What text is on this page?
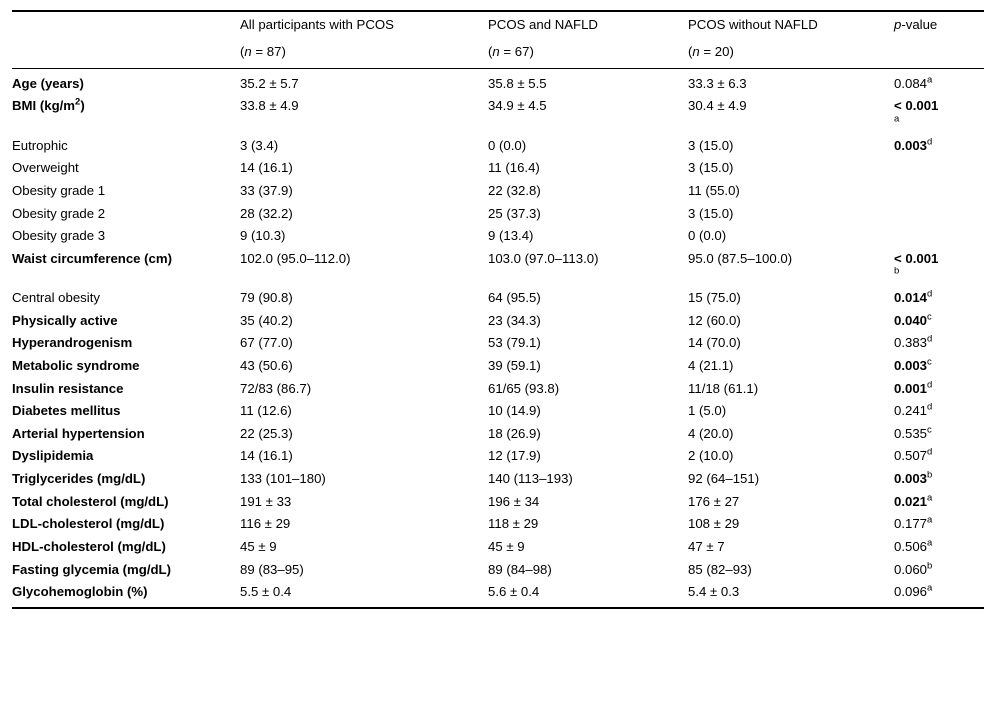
	All participants with PCOS	PCOS and NAFLD	PCOS without NAFLD	p-value
	(n = 87)	(n = 67)	(n = 20)	
Age (years)	35.2 ± 5.7	35.8 ± 5.5	33.3 ± 6.3	0.084$^a$
BMI $(kg/m^2)$	33.8 ± 4.9	34.9 ± 4.5	30.4 ± 4.9	< 0.001
$^a$
Eutrophic	3 (3.4)	0 (0.0)	3 (15.0)	0.003$^d$
Overweight	14 (16.1)	11 (16.4)	3 (15.0)	
Obesity grade 1	33 (37.9)	22 (32.8)	11 (55.0)	
Obesity grade 2	28 (32.2)	25 (37.3)	3 (15.0)	
Obesity grade 3	9 (10.3)	9 (13.4)	0 (0.0)	

Waist circumference (cm)	102.0 (95.0–112.0)	103.0 (97.0–113.0)	95.0 (87.5–100.0)	< 0.001
$^b$
Central obesity	79 (90.8)	64 (95.5)	15 (75.0)	0.014$^d$
Physically active	35 (40.2)	23 (34.3)	12 (60.0)	0.040$^c$
Hyperandrogenism	67 (77.0)	53 (79.1)	14 (70.0)	0.383$^d$
Metabolic syndrome	43 (50.6)	39 (59.1)	4 (21.1)	0.003$^c$
Insulin resistance	72/83 (86.7)	61/65 (93.8)	11/18 (61.1)	0.001$^d$
Diabetes mellitus	11 (12.6)	10 (14.9)	1 (5.0)	0.241$^d$
Arterial hypertension	22 (25.3)	18 (26.9)	4 (20.0)	0.535$^c$
Dyslipidemia	14 (16.1)	12 (17.9)	2 (10.0)	0.507$^d$
Triglycerides (mg/dL)	133 (101–180)	140 (113–193)	92 (64–151)	0.003$^b$

Total cholesterol (mg/dL)	191 ± 33	196 ± 34	176 ± 27	0.021$^a$

LDL-cholesterol (mg/dL)	116 ± 29	118 ± 29	108 ± 29	0.177$^a$

HDL-cholesterol (mg/dL)	45 ± 9	45 ± 9	47 ± 7	0.506$^a$

Fasting glycemia (mg/dL)	89 (83–95)	89 (84–98)	85 (82–93)	0.060$^b$
Glycohemoglobin (%)	5.5 ± 0.4	5.6 ± 0.4	5.4 ± 0.3	0.096$^a$
